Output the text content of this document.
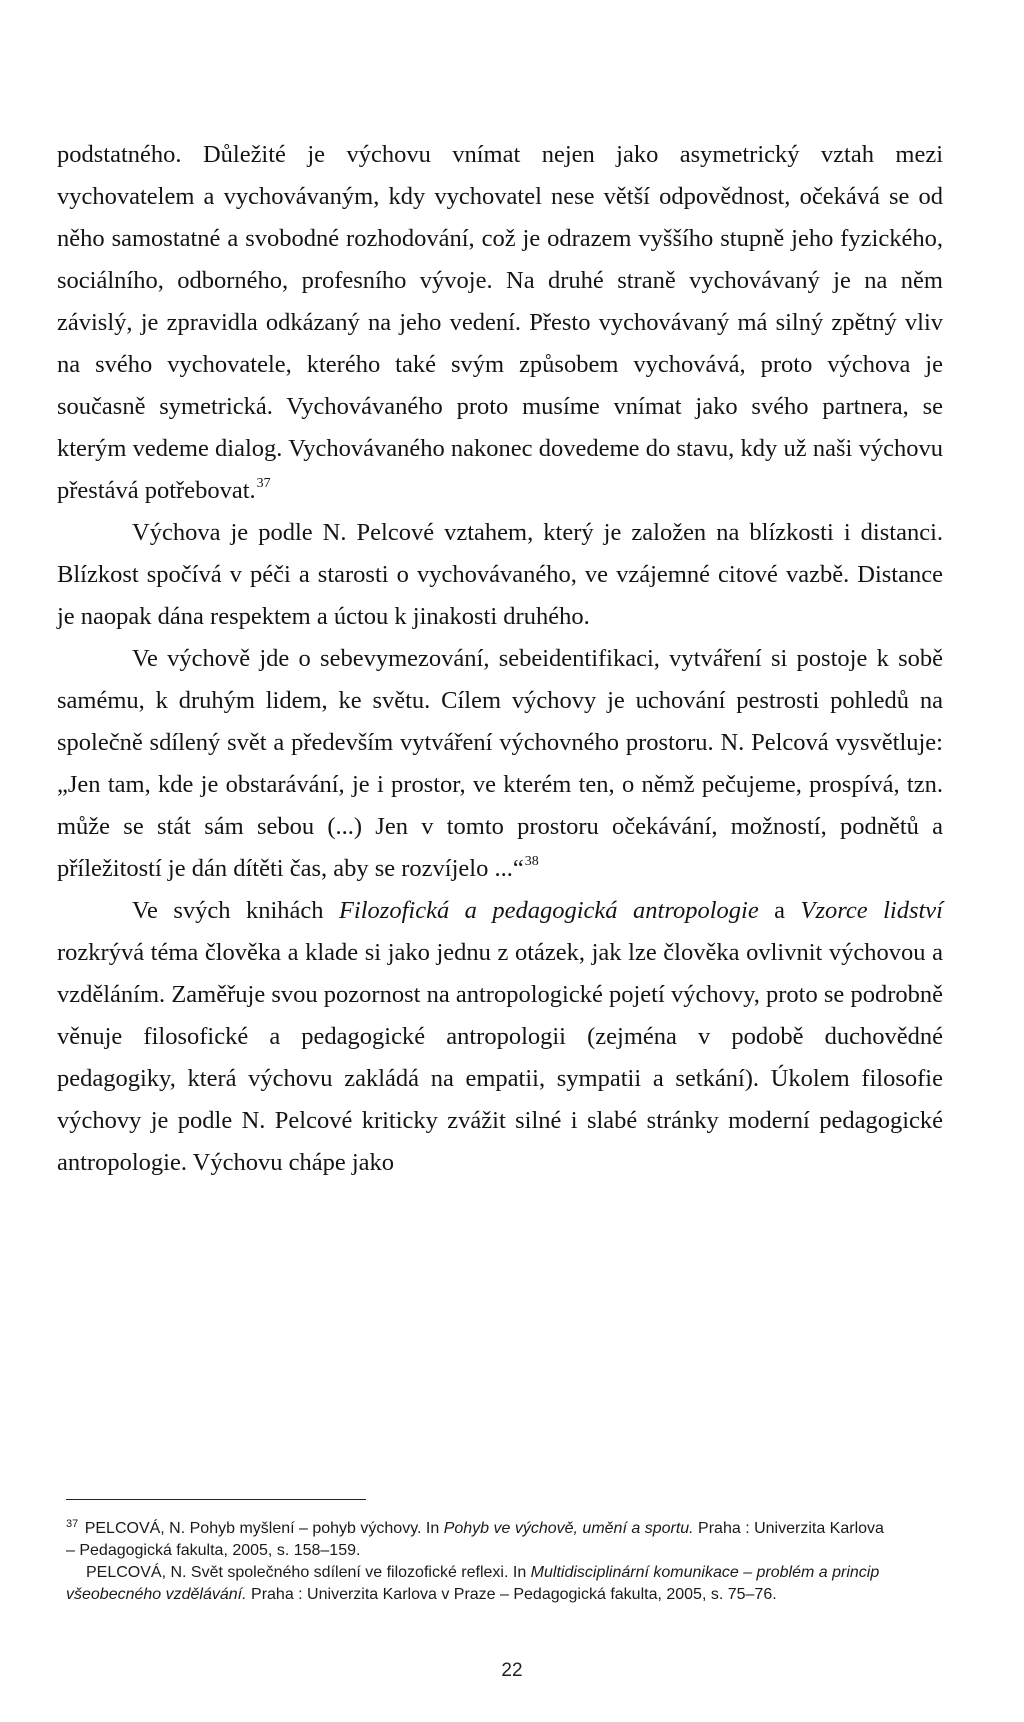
podstatného. Důležité je výchovu vnímat nejen jako asymetrický vztah mezi vychovatelem a vychovávaným, kdy vychovatel nese větší odpovědnost, očekává se od něho samostatné a svobodné rozhodování, což je odrazem vyššího stupně jeho fyzického, sociálního, odborného, profesního vývoje. Na druhé straně vychovávaný je na něm závislý, je zpravidla odkázaný na jeho vedení. Přesto vychovávaný má silný zpětný vliv na svého vychovatele, kterého také svým způsobem vychovává, proto výchova je současně symetrická. Vychovávaného proto musíme vnímat jako svého partnera, se kterým vedeme dialog. Vychovávaného nakonec dovedeme do stavu, kdy už naši výchovu přestává potřebovat.$^{37}$

Výchova je podle N. Pelcové vztahem, který je založen na blízkosti i distanci. Blízkost spočívá v péči a starosti o vychovávaného, ve vzájemné citové vazbě. Distance je naopak dána respektem a úctou k jinakosti druhého.

Ve výchově jde o sebevymezování, sebeidentifikaci, vytváření si postoje k sobě samému, k druhým lidem, ke světu. Cílem výchovy je uchování pestrosti pohledů na společně sdílený svět a především vytváření výchovného prostoru. N. Pelcová vysvětluje: „Jen tam, kde je obstarávání, je i prostor, ve kterém ten, o němž pečujeme, prospívá, tzn. může se stát sám sebou (...) Jen v tomto prostoru očekávání, možností, podnětů a příležitostí je dán dítěti čas, aby se rozvíjelo ...“$^{38}$

Ve svých knihách Filozofická a pedagogická antropologie a Vzorce lidství rozkrývá téma člověka a klade si jako jednu z otázek, jak lze člověka ovlivnit výchovou a vzděláním. Zaměřuje svou pozornost na antropologické pojetí výchovy, proto se podrobně věnuje filosofické a pedagogické antropologii (zejména v podobě duchovědné pedagogiky, která výchovu zakládá na empatii, sympatii a setkání). Úkolem filosofie výchovy je podle N. Pelcové kriticky zvážit silné i slabé stránky moderní pedagogické antropologie. Výchovu chápe jako

$^{37}$ PELCOVÁ, N. Pohyb myšlení – pohyb výchovy. In Pohyb ve výchově, umění a sportu. Praha : Univerzita Karlova – Pedagogická fakulta, 2005, s. 158–159.

PELCOVÁ, N. Svět společného sdílení ve filozofické reflexi. In Multidisciplinární komunikace – problém a princip všeobecného vzdělávání. Praha : Univerzita Karlova v Praze – Pedagogická fakulta, 2005, s. 75–76.

22
